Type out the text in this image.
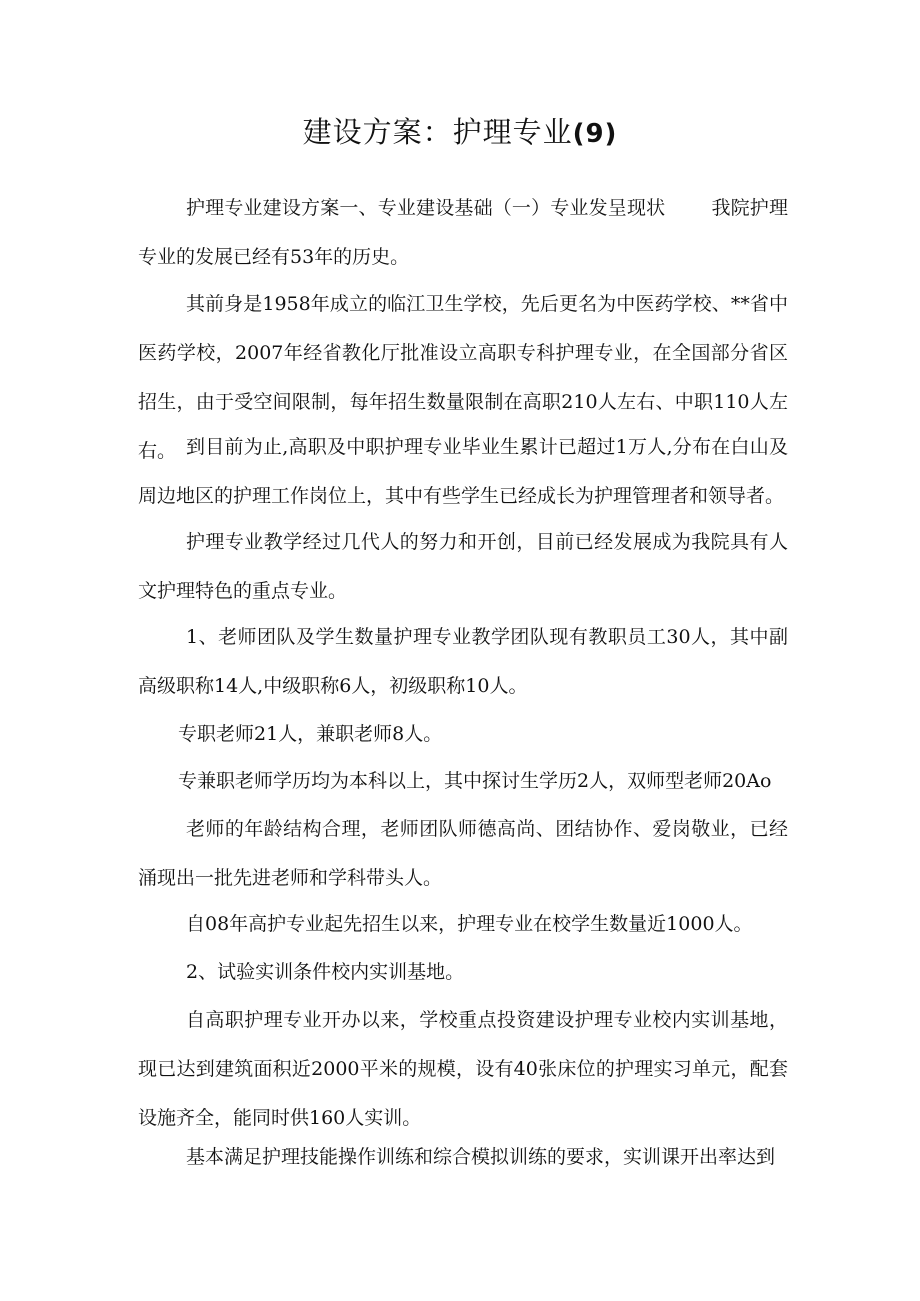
建设方案：护理专业(9)

护理专业建设方案一、专业建设基础（一）专业发呈现状 我院护理专业的发展已经有53年的历史。

其前身是1958年成立的临江卫生学校，先后更名为中医药学校、**省中医药学校，2007年经省教化厅批准设立高职专科护理专业，在全国部分省区招生，由于受空间限制，每年招生数量限制在高职210人左右、中职110人左右。 到目前为止,高职及中职护理专业毕业生累计已超过1万人,分布在白山及周边地区的护理工作岗位上，其中有些学生已经成长为护理管理者和领导者。

护理专业教学经过几代人的努力和开创，目前已经发展成为我院具有人文护理特色的重点专业。

1、老师团队及学生数量护理专业教学团队现有教职员工30人，其中副高级职称14人,中级职称6人，初级职称10人。

专职老师21人，兼职老师8人。

专兼职老师学历均为本科以上，其中探讨生学历2人，双师型老师20Ao

老师的年龄结构合理，老师团队师德高尚、团结协作、爱岗敬业，已经涌现出一批先进老师和学科带头人。

自08年高护专业起先招生以来，护理专业在校学生数量近1000人。

2、试验实训条件校内实训基地。

自高职护理专业开办以来，学校重点投资建设护理专业校内实训基地，现已达到建筑面积近2000平米的规模，设有40张床位的护理实习单元，配套设施齐全，能同时供160人实训。

基本满足护理技能操作训练和综合模拟训练的要求，实训课开出率达到
